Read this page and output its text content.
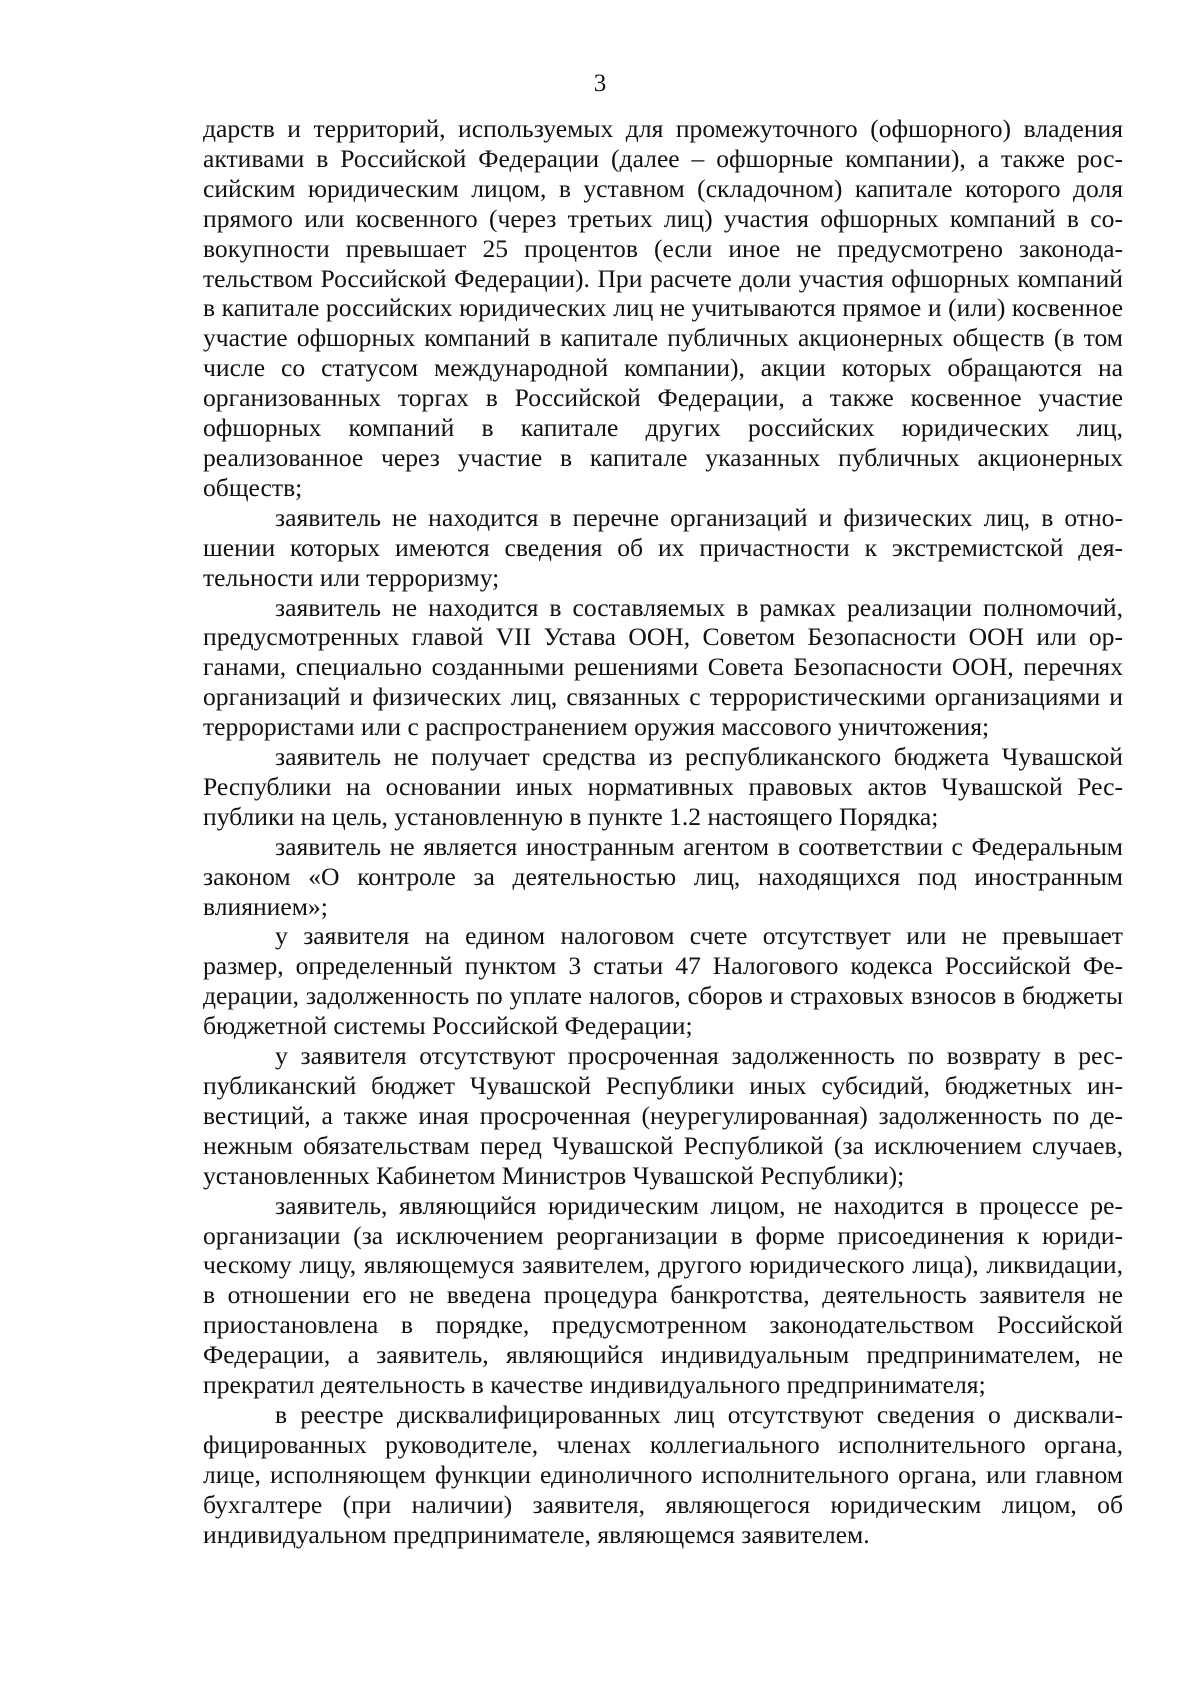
3

дарств и территорий, используемых для промежуточного (офшорного) владения активами в Российской Федерации (далее – офшорные компании), а также российским юридическим лицом, в уставном (складочном) капитале которого доля прямого или косвенного (через третьих лиц) участия офшорных компаний в совокупности превышает 25 процентов (если иное не предусмотрено законодательством Российской Федерации). При расчете доли участия офшорных компаний в капитале российских юридических лиц не учитываются прямое и (или) косвенное участие офшорных компаний в капитале публичных акционерных обществ (в том числе со статусом международной компании), акции которых обращаются на организованных торгах в Российской Федерации, а также косвенное участие офшорных компаний в капитале других российских юридических лиц, реализованное через участие в капитале указанных публичных акционерных обществ;

заявитель не находится в перечне организаций и физических лиц, в отношении которых имеются сведения об их причастности к экстремистской деятельности или терроризму;

заявитель не находится в составляемых в рамках реализации полномочий, предусмотренных главой VII Устава ООН, Советом Безопасности ООН или органами, специально созданными решениями Совета Безопасности ООН, перечнях организаций и физических лиц, связанных с террористическими организациями и террористами или с распространением оружия массового уничтожения;

заявитель не получает средства из республиканского бюджета Чувашской Республики на основании иных нормативных правовых актов Чувашской Республики на цель, установленную в пункте 1.2 настоящего Порядка;

заявитель не является иностранным агентом в соответствии с Федеральным законом «О контроле за деятельностью лиц, находящихся под иностранным влиянием»;

у заявителя на едином налоговом счете отсутствует или не превышает размер, определенный пунктом 3 статьи 47 Налогового кодекса Российской Федерации, задолженность по уплате налогов, сборов и страховых взносов в бюджеты бюджетной системы Российской Федерации;

у заявителя отсутствуют просроченная задолженность по возврату в республиканский бюджет Чувашской Республики иных субсидий, бюджетных инвестиций, а также иная просроченная (неурегулированная) задолженность по денежным обязательствам перед Чувашской Республикой (за исключением случаев, установленных Кабинетом Министров Чувашской Республики);

заявитель, являющийся юридическим лицом, не находится в процессе реорганизации (за исключением реорганизации в форме присоединения к юридическому лицу, являющемуся заявителем, другого юридического лица), ликвидации, в отношении его не введена процедура банкротства, деятельность заявителя не приостановлена в порядке, предусмотренном законодательством Российской Федерации, а заявитель, являющийся индивидуальным предпринимателем, не прекратил деятельность в качестве индивидуального предпринимателя;

в реестре дисквалифицированных лиц отсутствуют сведения о дисквалифицированных руководителе, членах коллегиального исполнительного органа, лице, исполняющем функции единоличного исполнительного органа, или главном бухгалтере (при наличии) заявителя, являющегося юридическим лицом, об индивидуальном предпринимателе, являющемся заявителем.
